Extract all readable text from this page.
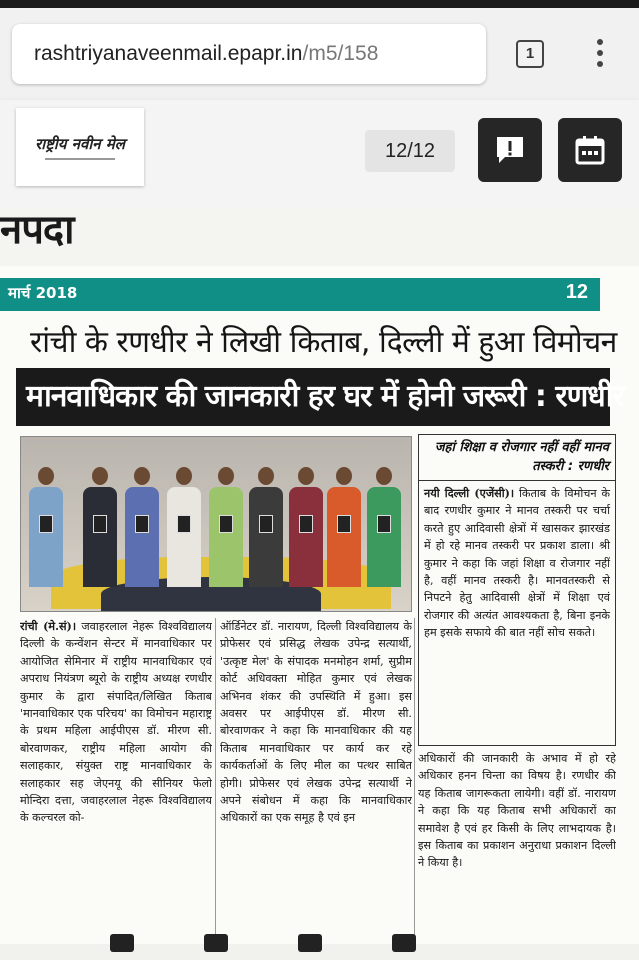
rashtriyanaveenmail.epapr.in /m5/158	1
राष्ट्रीय नवीन मेल	12/12
नपदा
मार्च 2018	12
रांची के रणधीर ने लिखी किताब, दिल्ली में हुआ विमोचन
मानवाधिकार की जानकारी हर घर में होनी जरूरी : रणधीर
जहां शिक्षा व रोजगार नहीं वहीं मानव तस्करी : रणधीर
नयी दिल्ली (एजेंसी)। किताब के विमोचन के बाद रणधीर कुमार ने मानव तस्करी पर चर्चा करते हुए आदिवासी क्षेत्रों में खासकर झारखंड में हो रहे मानव तस्करी पर प्रकाश डाला। श्री कुमार ने कहा कि जहां शिक्षा व रोजगार नहीं है, वहीं मानव तस्करी है। मानवतस्करी से निपटने हेतु आदिवासी क्षेत्रों में शिक्षा एवं रोजगार की अत्यंत आवश्यकता है, बिना इनके हम इसके सफाये की बात नहीं सोच सकते।
रांची (मे.सं)। जवाहरलाल नेहरू विश्वविद्यालय दिल्ली के कन्वेंशन सेन्टर में मानवाधिकार पर आयोजित सेमिनार में राष्ट्रीय मानवाधिकार एवं अपराध नियंत्रण ब्यूरो के राष्ट्रीय अध्यक्ष रणधीर कुमार के द्वारा संपादित/लिखित किताब 'मानवाधिकार एक परिचय' का विमोचन महाराष्ट्र के प्रथम महिला आईपीएस डॉ. मीरण सी. बोरवाणकर, राष्ट्रीय महिला आयोग की सलाहकार, संयुक्त राष्ट्र मानवाधिकार के सलाहकार सह जेएनयू की सीनियर फेलो मोन्दिरा दत्ता, जवाहरलाल नेहरू विश्वविद्यालय के कल्चरल को-
ऑर्डिनेटर डॉ. नारायण, दिल्ली विश्वविद्यालय के प्रोफेसर एवं प्रसिद्ध लेखक उपेन्द्र सत्यार्थी, 'उत्कृष्ट मेल' के संपादक मनमोहन शर्मा, सुप्रीम कोर्ट अधिवक्ता मोहित कुमार एवं लेखक अभिनव शंकर की उपस्थिति में हुआ। इस अवसर पर आईपीएस डॉ. मीरण सी. बोरवाणकर ने कहा कि मानवाधिकार की यह किताब मानवाधिकार पर कार्य कर रहे कार्यकर्ताओं के लिए मील का पत्थर साबित होगी। प्रोफेसर एवं लेखक उपेन्द्र सत्यार्थी ने अपने संबोधन में कहा कि मानवाधिकार अधिकारों का एक समूह है एवं इन
अधिकारों की जानकारी के अभाव में हो रहे अधिकार हनन चिन्ता का विषय है। रणधीर की यह किताब जागरूकता लायेगी। वहीं डॉ. नारायण ने कहा कि यह किताब सभी अधिकारों का समावेश है एवं हर किसी के लिए लाभदायक है। इस किताब का प्रकाशन अनुराधा प्रकाशन दिल्ली ने किया है।
